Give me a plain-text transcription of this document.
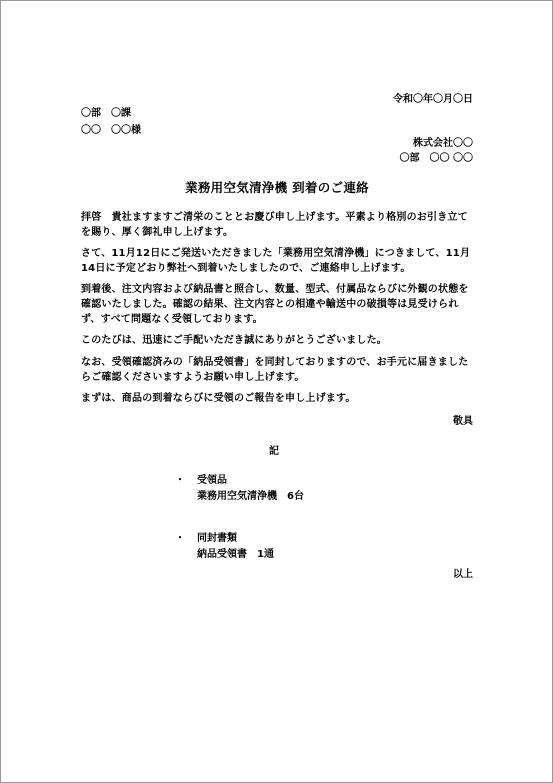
令和〇年〇月〇日
〇部　〇課
〇〇　〇〇様
株式会社〇〇
〇部　〇〇 〇〇
業務用空気清浄機 到着のご連絡
拝啓　貴社ますますご清栄のこととお慶び申し上げます。平素より格別のお引き立てを賜り、厚く御礼申し上げます。
さて、11月12日にご発送いただきました「業務用空気清浄機」につきまして、11月14日に予定どおり弊社へ到着いたしましたので、ご連絡申し上げます。
到着後、注文内容および納品書と照合し、数量、型式、付属品ならびに外観の状態を確認いたしました。確認の結果、注文内容との相違や輸送中の破損等は見受けられず、すべて問題なく受領しております。
このたびは、迅速にご手配いただき誠にありがとうございました。
なお、受領確認済みの「納品受領書」を同封しておりますので、お手元に届きましたらご確認くださいますようお願い申し上げます。
まずは、商品の到着ならびに受領のご報告を申し上げます。
敬具
記
・ 受領品
業務用空気清浄機　6台
・ 同封書類
納品受領書　1通
以上
